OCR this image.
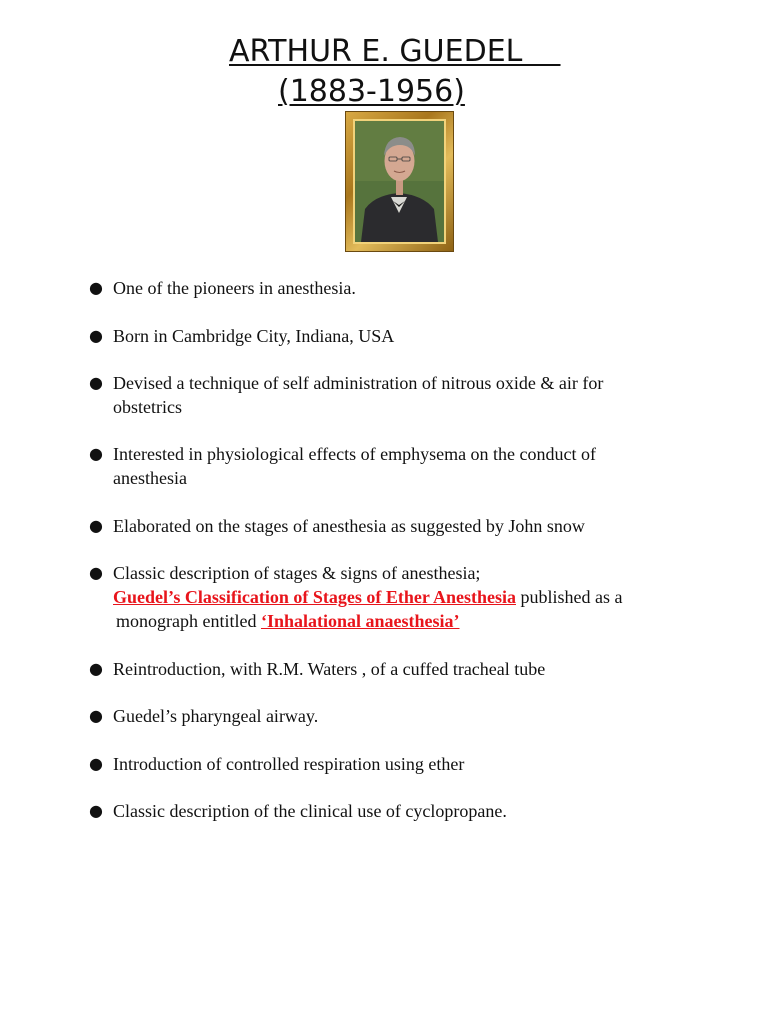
ARTHUR E. GUEDEL
(1883-1956)
● One of the pioneers in anesthesia.
● Born in Cambridge City, Indiana, USA
● Devised a technique of self administration of nitrous oxide & air for obstetrics
● Interested in physiological effects of emphysema on the conduct of anesthesia
● Elaborated on the stages of anesthesia as suggested by John snow
● Classic description of stages & signs of anesthesia;
Guedel’s Classification of Stages of Ether Anesthesia published as a
monograph entitled ‘Inhalational anaesthesia’
● Reintroduction, with R.M. Waters , of a cuffed tracheal tube
● Guedel’s pharyngeal airway.
● Introduction of controlled respiration using ether
● Classic description of the clinical use of cyclopropane.
